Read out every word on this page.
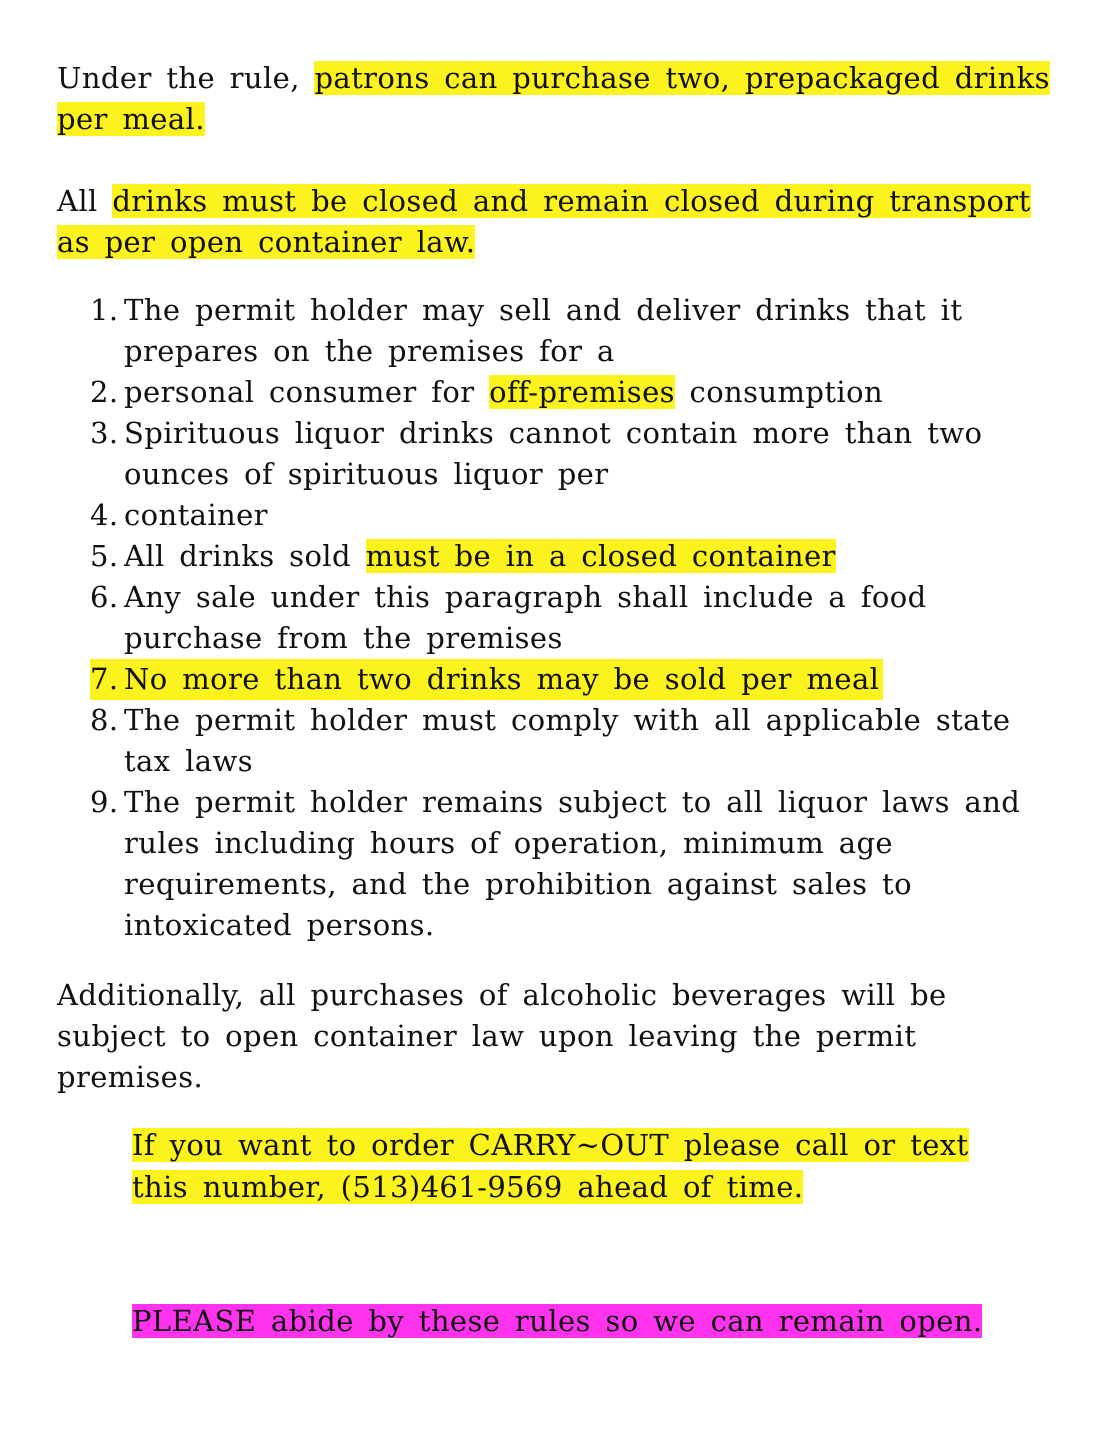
Under the rule, patrons can purchase two, prepackaged drinks per meal.

All drinks must be closed and remain closed during transport as per open container law.

1. The permit holder may sell and deliver drinks that it prepares on the premises for a
2. personal consumer for off-premises consumption
3. Spirituous liquor drinks cannot contain more than two ounces of spirituous liquor per
4. container
5. All drinks sold must be in a closed container
6. Any sale under this paragraph shall include a food purchase from the premises
7. No more than two drinks may be sold per meal
8. The permit holder must comply with all applicable state tax laws
9. The permit holder remains subject to all liquor laws and rules including hours of operation, minimum age requirements, and the prohibition against sales to intoxicated persons.

Additionally, all purchases of alcoholic beverages will be subject to open container law upon leaving the permit premises.

If you want to order CARRY~OUT please call or text
this number, (513)461-9569 ahead of time.

PLEASE abide by these rules so we can remain open.
